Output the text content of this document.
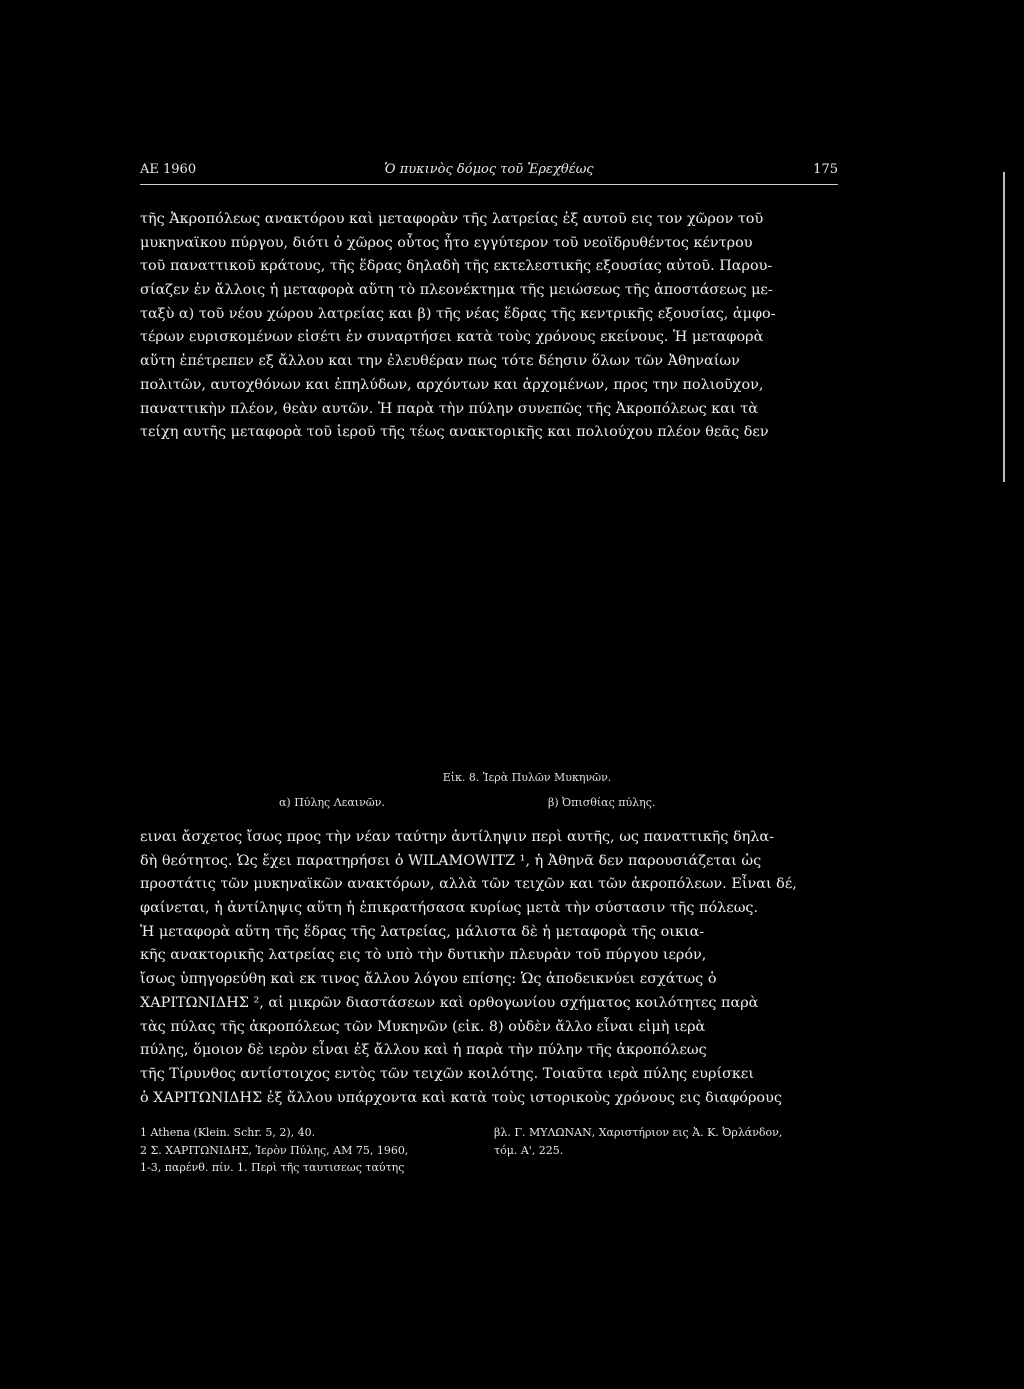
ΑΕ 1960	Ὁ πυκινὸς δόμος τοῦ Ἐρεχθέως	175
τῆς Ἀκροπόλεως ανακτόρου καὶ μεταφορὰν τῆς λατρείας ἐξ αυτοῦ εις τον χῶρον τοῦ
μυκηναϊκου πύργου, διότι ὁ χῶρος οὗτος ἦτο εγγύτερον τοῦ νεοϊδρυθέντος κέντρου
τοῦ παναττικοῦ κράτους, τῆς ἕδρας δηλαδὴ τῆς εκτελεστικῆς εξουσίας αὐτοῦ. Παρου-
σίαζεν ἐν ἄλλοις ἡ μεταφορὰ αὕτη τὸ πλεονέκτημα τῆς μειώσεως τῆς ἀποστάσεως με-
ταξὺ α) τοῦ νέου χώρου λατρείας και β) τῆς νέας ἕδρας τῆς κεντρικῆς εξουσίας, ἀμφο-
τέρων ευρισκομένων εἰσέτι ἐν συναρτήσει κατὰ τοὺς χρόνους εκείνους. Ἡ μεταφορὰ
αὕτη ἐπέτρεπεν εξ ἄλλου και την ἐλευθέραν πως τότε δέησιν ὅλων τῶν Ἀθηναίων
πολιτῶν, αυτοχθόνων και ἐπηλύδων, αρχόντων και ἀρχομένων, προς την πολιοῦχον,
παναττικὴν πλέον, θεὰν αυτῶν. Ἡ παρὰ τὴν πύλην συνεπῶς τῆς Ἀκροπόλεως και τὰ
τείχη αυτῆς μεταφορὰ τοῦ ἱεροῦ τῆς τέως ανακτορικῆς και πολιούχου πλέον θεᾶς δεν
Εἰκ. 8. Ἱερὰ Πυλῶν Μυκηνῶν.
α) Πύλης Λεαινῶν.	β) Ὀπισθίας πύλης.
ειναι ἄσχετος ἴσως προς τὴν νέαν ταύτην ἀντίληψιν περὶ αυτῆς, ως παναττικῆς δηλα-
δὴ θεότητος. Ὡς ἔχει παρατηρήσει ὁ WILAMOWITZ ¹, ἡ Ἀθηνᾶ δεν παρουσιάζεται ὡς
προστάτις τῶν μυκηναϊκῶν ανακτόρων, αλλὰ τῶν τειχῶν και τῶν ἀκροπόλεων. Εἶναι δέ,
φαίνεται, ἡ ἀντίληψις αὕτη ἡ ἐπικρατήσασα κυρίως μετὰ τὴν σύστασιν τῆς πόλεως.
Ἡ μεταφορὰ αὕτη τῆς ἕδρας τῆς λατρείας, μάλιστα δὲ ἡ μεταφορὰ τῆς οικια-
κῆς ανακτορικῆς λατρείας εις τὸ υπὸ τὴν δυτικὴν πλευρὰν τοῦ πύργου ιερόν,
ἴσως ὑπηγορεύθη καὶ εκ τινος ἄλλου λόγου επίσης: Ὡς ἀποδεικνύει εσχάτως ὁ
ΧΑΡΙΤΩΝΙΔΗΣ ², αἱ μικρῶν διαστάσεων καὶ ορθογωνίου σχήματος κοιλότητες παρὰ
τὰς πύλας τῆς ἀκροπόλεως τῶν Μυκηνῶν (εἰκ. 8) οὐδὲν ἄλλο εἶναι εἰμὴ ιερὰ
πύλης, ὅμοιον δὲ ιερὸν εἶναι ἐξ ἄλλου καὶ ἡ παρὰ τὴν πύλην τῆς ἀκροπόλεως
τῆς Τίρυνθος αντίστοιχος εντὸς τῶν τειχῶν κοιλότης. Τοιαῦτα ιερὰ πύλης ευρίσκει
ὁ ΧΑΡΙΤΩΝΙΔΗΣ ἐξ ἄλλου υπάρχοντα καὶ κατὰ τοὺς ιστορικοὺς χρόνους εις διαφόρους
1 Athena (Klein. Schr. 5, 2), 40.
2 Σ. ΧΑΡΙΤΩΝΙΔΗΣ, Ἱερὸν Πύλης, ΑΜ 75, 1960,
1-3, παρένθ. πίν. 1. Περὶ τῆς ταυτισεως ταύτης
βλ. Γ. ΜΥΛΩΝΑΝ, Χαριστήριον εις Ἀ. Κ. Ὀρλάνδον,
τόμ. Α', 225.
